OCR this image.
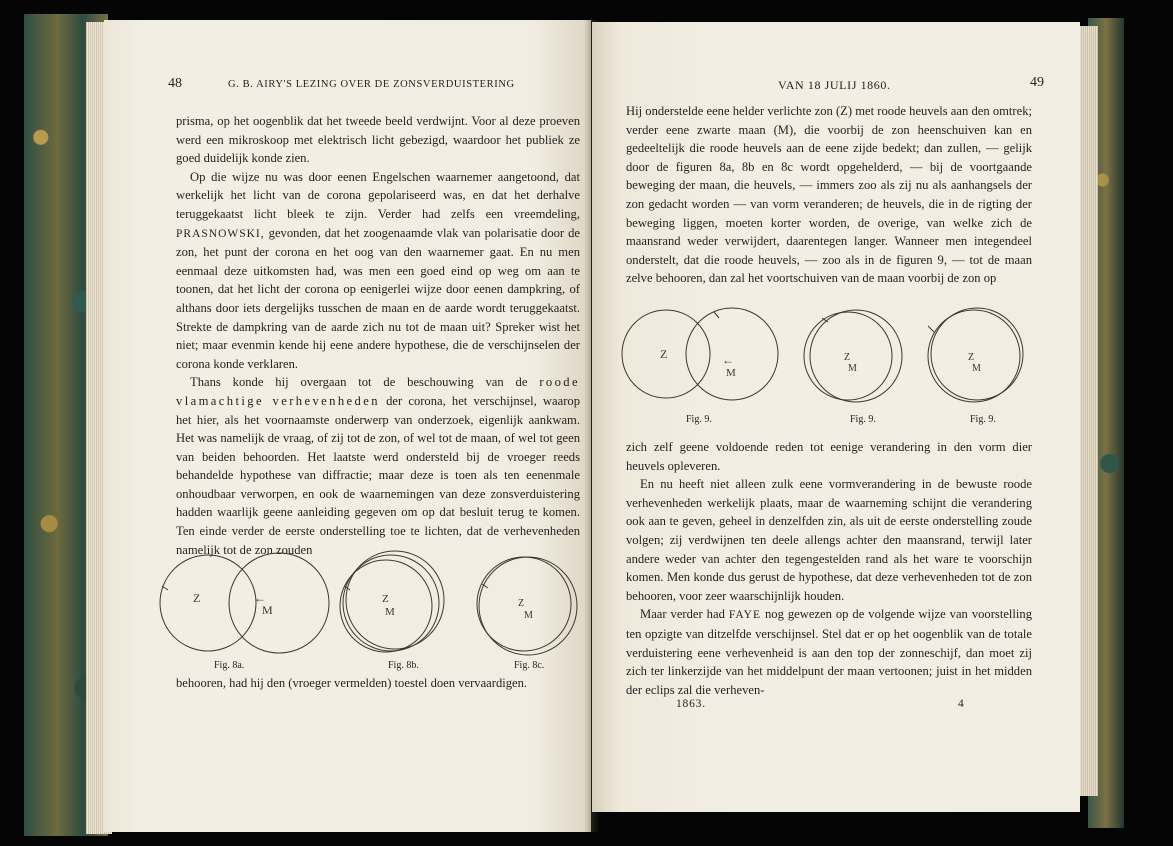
48	G. B. AIRY'S LEZING OVER DE ZONSVERDUISTERING

prisma, op het oogenblik dat het tweede beeld verdwijnt. Voor al deze proeven werd een mikroskoop met elektrisch licht gebezigd, waardoor het publiek ze goed duidelijk konde zien.

Op die wijze nu was door eenen Engelschen waarnemer aangetoond, dat werkelijk het licht van de corona gepolariseerd was, en dat het derhalve teruggekaatst licht bleek te zijn. Verder had zelfs een vreemdeling, PRASNOWSKI, gevonden, dat het zoogenaamde vlak van polarisatie door de zon, het punt der corona en het oog van den waarnemer gaat. En nu men eenmaal deze uitkomsten had, was men een goed eind op weg om aan te toonen, dat het licht der corona op eenigerlei wijze door eenen dampkring, of althans door iets dergelijks tusschen de maan en de aarde wordt teruggekaatst. Strekte de dampkring van de aarde zich nu tot de maan uit? Spreker wist het niet; maar evenmin kende hij eene andere hypothese, die de verschijnselen der corona konde verklaren.

Thans konde hij overgaan tot de beschouwing van de roode vlamachtige verhevenheden der corona, het verschijnsel, waarop het hier, als het voornaamste onderwerp van onderzoek, eigenlijk aankwam. Het was namelijk de vraag, of zij tot de zon, of wel tot de maan, of wel tot geen van beiden behoorden. Het laatste werd ondersteld bij de vroeger reeds behandelde hypothese van diffractie; maar deze is toen als ten eenenmale onhoudbaar verworpen, en ook de waarnemingen van deze zonsverduistering hadden waarlijk geene aanleiding gegeven om op dat besluit terug te komen. Ten einde verder de eerste onderstelling toe te lichten, dat de verhevenheden namelijk tot de zon zouden

Z	←
M
Z
M
Z
M
Fig. 8a.	Fig. 8b.	Fig. 8c.

behooren, had hij den (vroeger vermelden) toestel doen vervaardigen.

VAN 18 JULIJ 1860.	49

Hij onderstelde eene helder verlichte zon (Z) met roode heuvels aan den omtrek; verder eene zwarte maan (M), die voorbij de zon heenschuiven kan en gedeeltelijk die roode heuvels aan de eene zijde bedekt; dan zullen, — gelijk door de figuren 8a, 8b en 8c wordt opgehelderd, — bij de voortgaande beweging der maan, die heuvels, — immers zoo als zij nu als aanhangsels der zon gedacht worden — van vorm veranderen; de heuvels, die in de rigting der beweging liggen, moeten korter worden, de overige, van welke zich de maansrand weder verwijdert, daarentegen langer. Wanneer men integendeel onderstelt, dat die roode heuvels, — zoo als in de figuren 9, — tot de maan zelve behooren, dan zal het voortschuiven van de maan voorbij de zon op

Z	←
M
Z
M
Z
M
Fig. 9.	Fig. 9.	Fig. 9.

zich zelf geene voldoende reden tot eenige verandering in den vorm dier heuvels opleveren.

En nu heeft niet alleen zulk eene vormverandering in de bewuste roode verhevenheden werkelijk plaats, maar de waarneming schijnt die verandering ook aan te geven, geheel in denzelfden zin, als uit de eerste onderstelling zoude volgen; zij verdwijnen ten deele allengs achter den maansrand, terwijl later andere weder van achter den tegengestelden rand als het ware te voorschijn komen. Men konde dus gerust de hypothese, dat deze verhevenheden tot de zon behooren, voor zeer waarschijnlijk houden.

Maar verder had FAYE nog gewezen op de volgende wijze van voorstelling ten opzigte van ditzelfde verschijnsel. Stel dat er op het oogenblik van de totale verduistering eene verhevenheid is aan den top der zonneschijf, dan moet zij zich ter linkerzijde van het middelpunt der maan vertoonen; juist in het midden der eclips zal die verheven-

1863.	4
